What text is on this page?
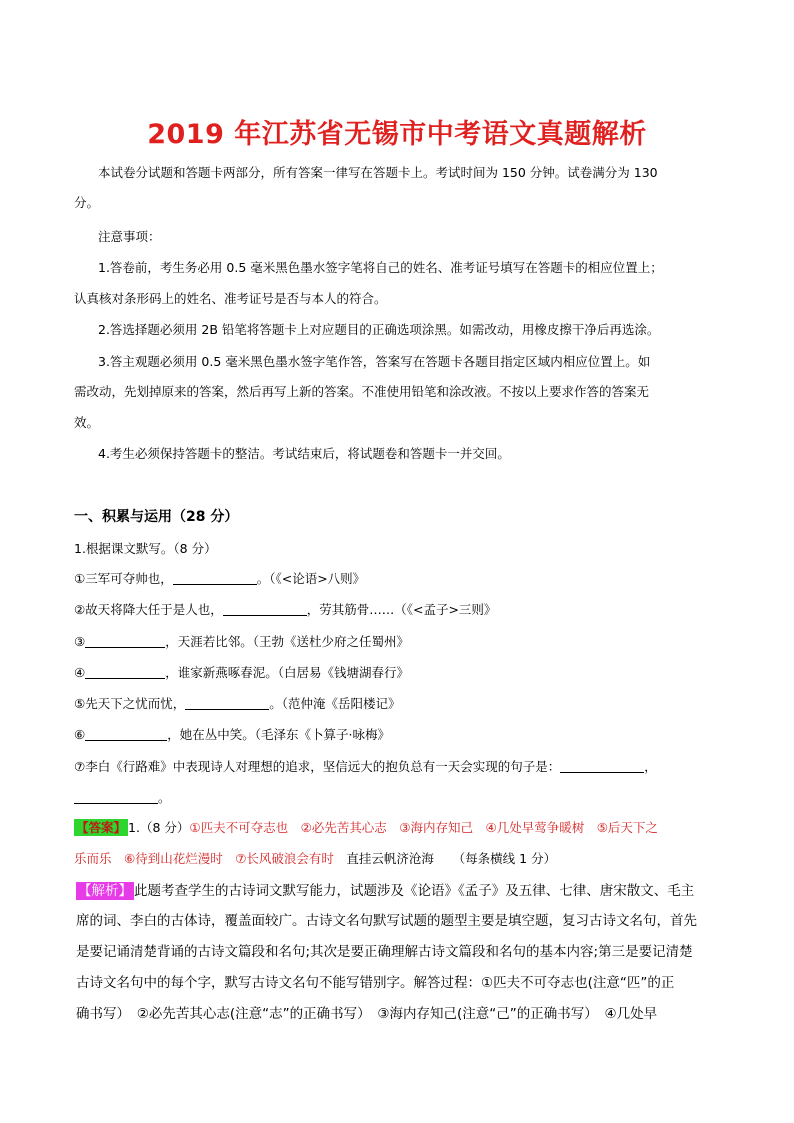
2019 年江苏省无锡市中考语文真题解析
本试卷分试题和答题卡两部分，所有答案一律写在答题卡上。考试时间为 150 分钟。试卷满分为 130
分。
注意事项：
1.答卷前，考生务必用 0.5 毫米黑色墨水签字笔将自己的姓名、准考证号填写在答题卡的相应位置上；
认真核对条形码上的姓名、准考证号是否与本人的符合。
2.答选择题必须用 2B 铅笔将答题卡上对应题目的正确选项涂黑。如需改动，用橡皮擦干净后再选涂。
3.答主观题必须用 0.5 毫米黑色墨水签字笔作答，答案写在答题卡各题目指定区域内相应位置上。如
需改动，先划掉原来的答案，然后再写上新的答案。不准使用铅笔和涂改液。不按以上要求作答的答案无
效。
4.考生必须保持答题卡的整洁。考试结束后，将试题卷和答题卡一并交回。
一、积累与运用（28 分）
1.根据课文默写。（8 分）
①三军可夺帅也，	。（《<论语>八则》
②故天将降大任于是人也，	，劳其筋骨……（《<孟子>三则》
③	，天涯若比邻。（王勃《送杜少府之任蜀州》
④	，谁家新燕啄春泥。（白居易《钱塘湖春行》
⑤先天下之忧而忧，	。（范仲淹《岳阳楼记》
⑥	，她在丛中笑。（毛泽东《卜算子·咏梅》
⑦李白《行路难》中表现诗人对理想的追求，坚信远大的抱负总有一天会实现的句子是：	，
。
【答案】 1.（8 分）①匹夫不可夺志也　②必先苦其心志　③海内存知己　④几处早莺争暖树　⑤后天下之
乐而乐　⑥待到山花烂漫时　⑦长风破浪会有时　直挂云帆济沧海　　（每条横线 1 分）
【解析】 此题考查学生的古诗词文默写能力，试题涉及《论语》《孟子》及五律、七律、唐宋散文、毛主
席的词、李白的古体诗，覆盖面较广。古诗文名句默写试题的题型主要是填空题，复习古诗文名句，首先
是要记诵清楚背诵的古诗文篇段和名句;其次是要正确理解古诗文篇段和名句的基本内容;第三是要记清楚
古诗文名句中的每个字，默写古诗文名句不能写错别字。解答过程：①匹夫不可夺志也(注意“匹”的正
确书写）　②必先苦其心志(注意“志”的正确书写）　③海内存知己(注意“己”的正确书写）　④几处早
